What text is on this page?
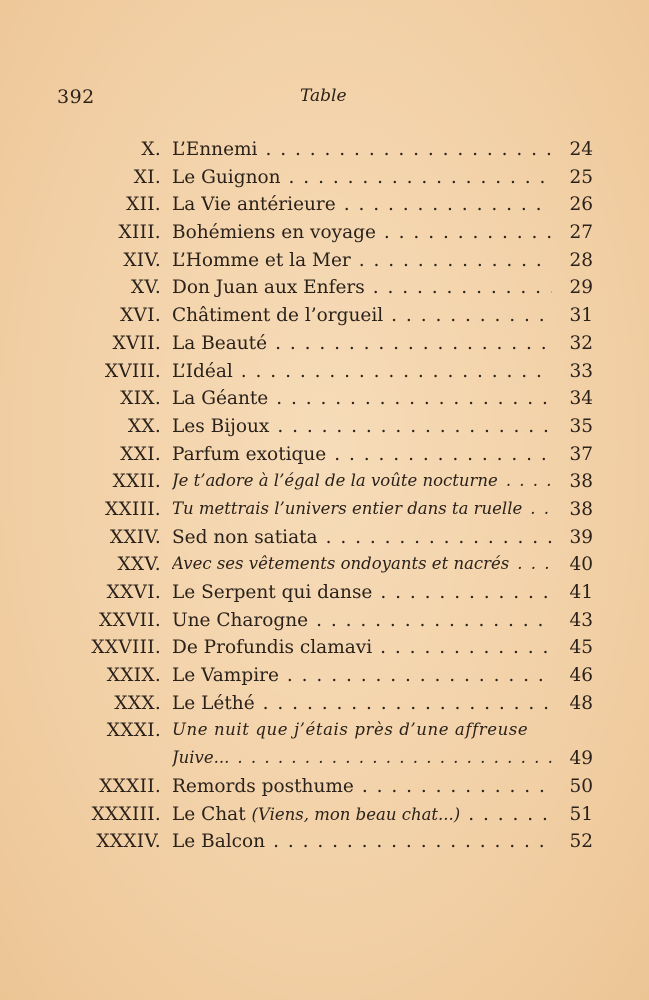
392	Table
X. L’Ennemi . . .	24
XI. Le Guignon . . .	25
XII. La Vie antérieure . . .	26
XIII. Bohémiens en voyage . . .	27
XIV. L’Homme et la Mer . . .	28
XV. Don Juan aux Enfers . . .	29
XVI. Châtiment de l’orgueil . . .	31
XVII. La Beauté . . .	32
XVIII. L’Idéal . . .	33
XIX. La Géante . . .	34
XX. Les Bijoux . . .	35
XXI. Parfum exotique . . .	37
XXII. Je t’adore à l’égal de la voûte nocturne . . .	38
XXIII. Tu mettrais l’univers entier dans ta ruelle . . .	38
XXIV. Sed non satiata . . .	39
XXV. Avec ses vêtements ondoyants et nacrés . . .	40
XXVI. Le Serpent qui danse . . .	41
XXVII. Une Charogne . . .	43
XXVIII. De Profundis clamavi . . .	45
XXIX. Le Vampire . . .	46
XXX. Le Léthé . . .	48
XXXI. Une nuit que j’étais près d’une affreuse
Juive... . . .	49
XXXII. Remords posthume . . .	50
XXXIII. Le Chat (Viens, mon beau chat...) . . .	51
XXXIV. Le Balcon . . .	52
